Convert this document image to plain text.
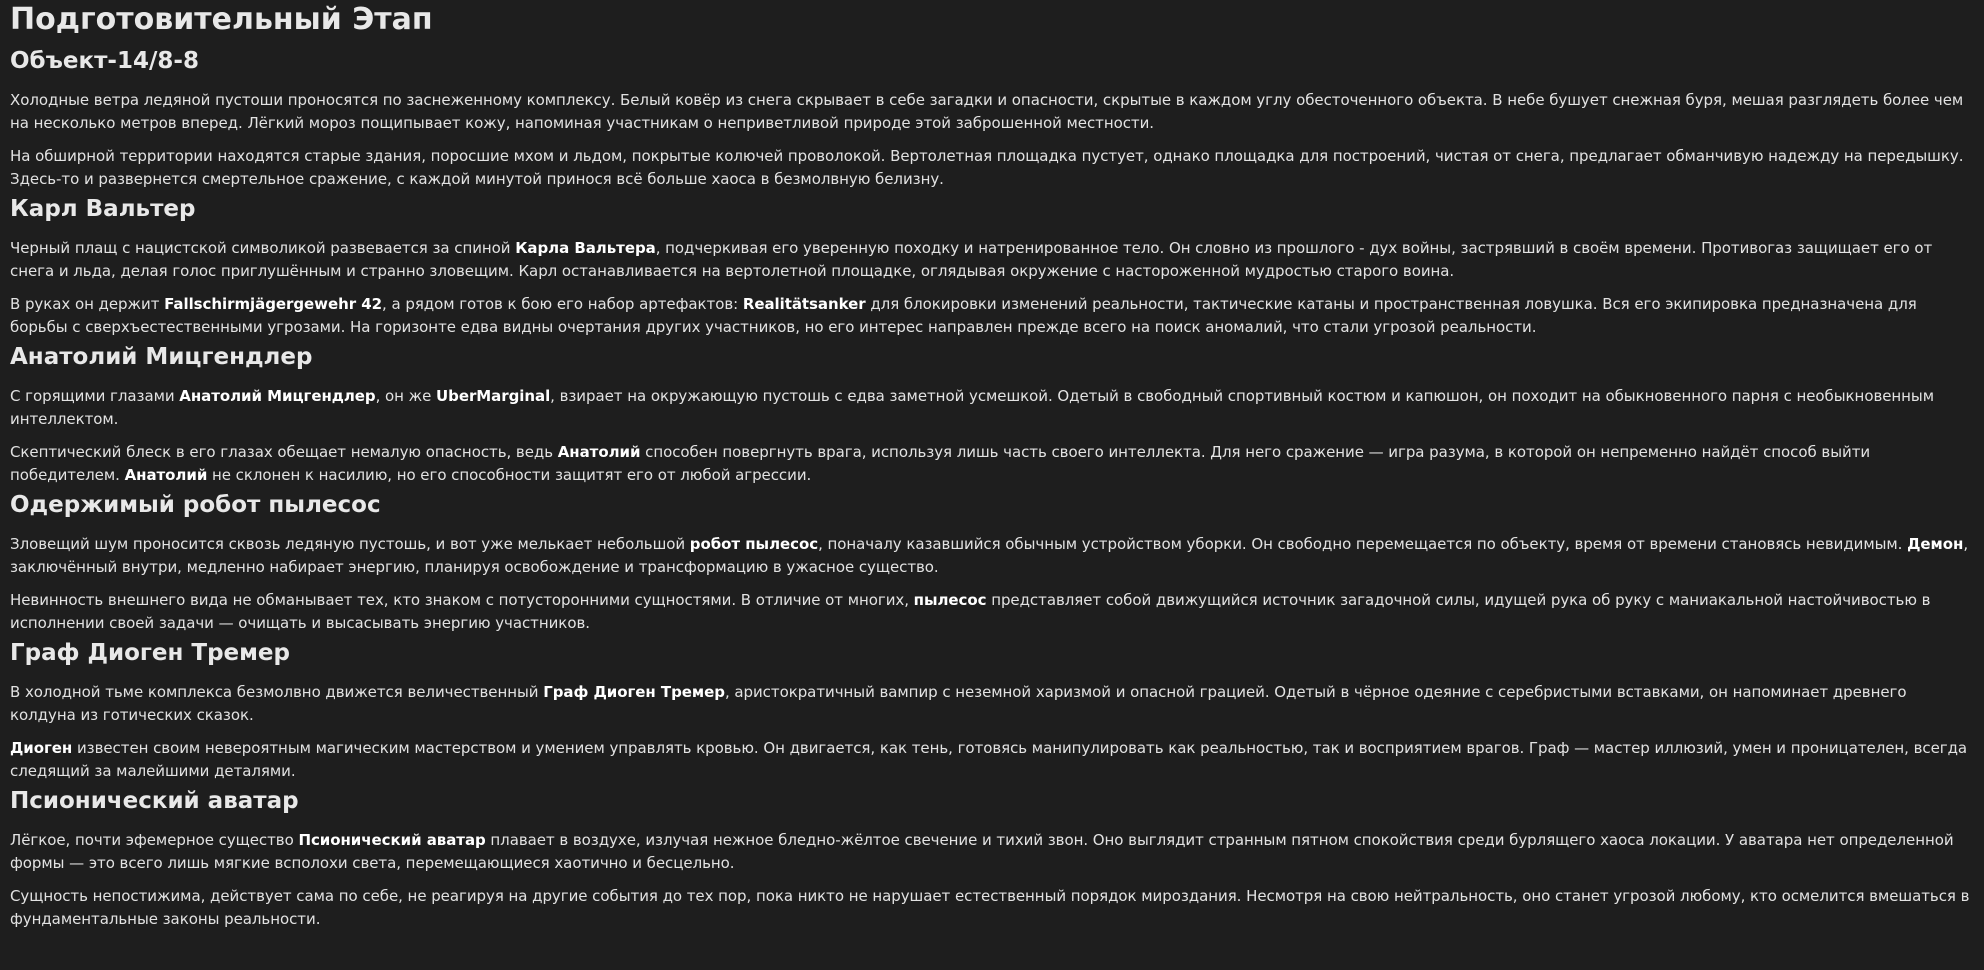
Подготовительный Этап
Объект-14/8-8

Холодные ветра ледяной пустоши проносятся по заснеженному комплексу. Белый ковёр из снега скрывает в себе загадки и опасности, скрытые в каждом углу обесточенного объекта. В небе бушует снежная буря, мешая разглядеть более чем на несколько метров вперед. Лёгкий мороз пощипывает кожу, напоминая участникам о неприветливой природе этой заброшенной местности.

На обширной территории находятся старые здания, поросшие мхом и льдом, покрытые колючей проволокой. Вертолетная площадка пустует, однако площадка для построений, чистая от снега, предлагает обманчивую надежду на передышку. Здесь-то и развернется смертельное сражение, с каждой минутой принося всё больше хаоса в безмолвную белизну.

Карл Вальтер

Черный плащ с нацистской символикой развевается за спиной Карла Вальтера, подчеркивая его уверенную походку и натренированное тело. Он словно из прошлого - дух войны, застрявший в своём времени. Противогаз защищает его от снега и льда, делая голос приглушённым и странно зловещим. Карл останавливается на вертолетной площадке, оглядывая окружение с настороженной мудростью старого воина.

В руках он держит Fallschirmjägergewehr 42, а рядом готов к бою его набор артефактов: Realitätsanker для блокировки изменений реальности, тактические катаны и пространственная ловушка. Вся его экипировка предназначена для борьбы с сверхъестественными угрозами. На горизонте едва видны очертания других участников, но его интерес направлен прежде всего на поиск аномалий, что стали угрозой реальности.

Анатолий Мицгендлер

С горящими глазами Анатолий Мицгендлер, он же UberMarginal, взирает на окружающую пустошь с едва заметной усмешкой. Одетый в свободный спортивный костюм и капюшон, он походит на обыкновенного парня с необыкновенным интеллектом.

Скептический блеск в его глазах обещает немалую опасность, ведь Анатолий способен повергнуть врага, используя лишь часть своего интеллекта. Для него сражение — игра разума, в которой он непременно найдёт способ выйти победителем. Анатолий не склонен к насилию, но его способности защитят его от любой агрессии.

Одержимый робот пылесос

Зловещий шум проносится сквозь ледяную пустошь, и вот уже мелькает небольшой робот пылесос, поначалу казавшийся обычным устройством уборки. Он свободно перемещается по объекту, время от времени становясь невидимым. Демон, заключённый внутри, медленно набирает энергию, планируя освобождение и трансформацию в ужасное существо.

Невинность внешнего вида не обманывает тех, кто знаком с потусторонними сущностями. В отличие от многих, пылесос представляет собой движущийся источник загадочной силы, идущей рука об руку с маниакальной настойчивостью в исполнении своей задачи — очищать и высасывать энергию участников.

Граф Диоген Тремер

В холодной тьме комплекса безмолвно движется величественный Граф Диоген Тремер, аристократичный вампир с неземной харизмой и опасной грацией. Одетый в чёрное одеяние с серебристыми вставками, он напоминает древнего колдуна из готических сказок.

Диоген известен своим невероятным магическим мастерством и умением управлять кровью. Он двигается, как тень, готовясь манипулировать как реальностью, так и восприятием врагов. Граф — мастер иллюзий, умен и проницателен, всегда следящий за малейшими деталями.

Псионический аватар

Лёгкое, почти эфемерное существо Псионический аватар плавает в воздухе, излучая нежное бледно-жёлтое свечение и тихий звон. Оно выглядит странным пятном спокойствия среди бурлящего хаоса локации. У аватара нет определенной формы — это всего лишь мягкие всполохи света, перемещающиеся хаотично и бесцельно.

Сущность непостижима, действует сама по себе, не реагируя на другие события до тех пор, пока никто не нарушает естественный порядок мироздания. Несмотря на свою нейтральность, оно станет угрозой любому, кто осмелится вмешаться в фундаментальные законы реальности.
